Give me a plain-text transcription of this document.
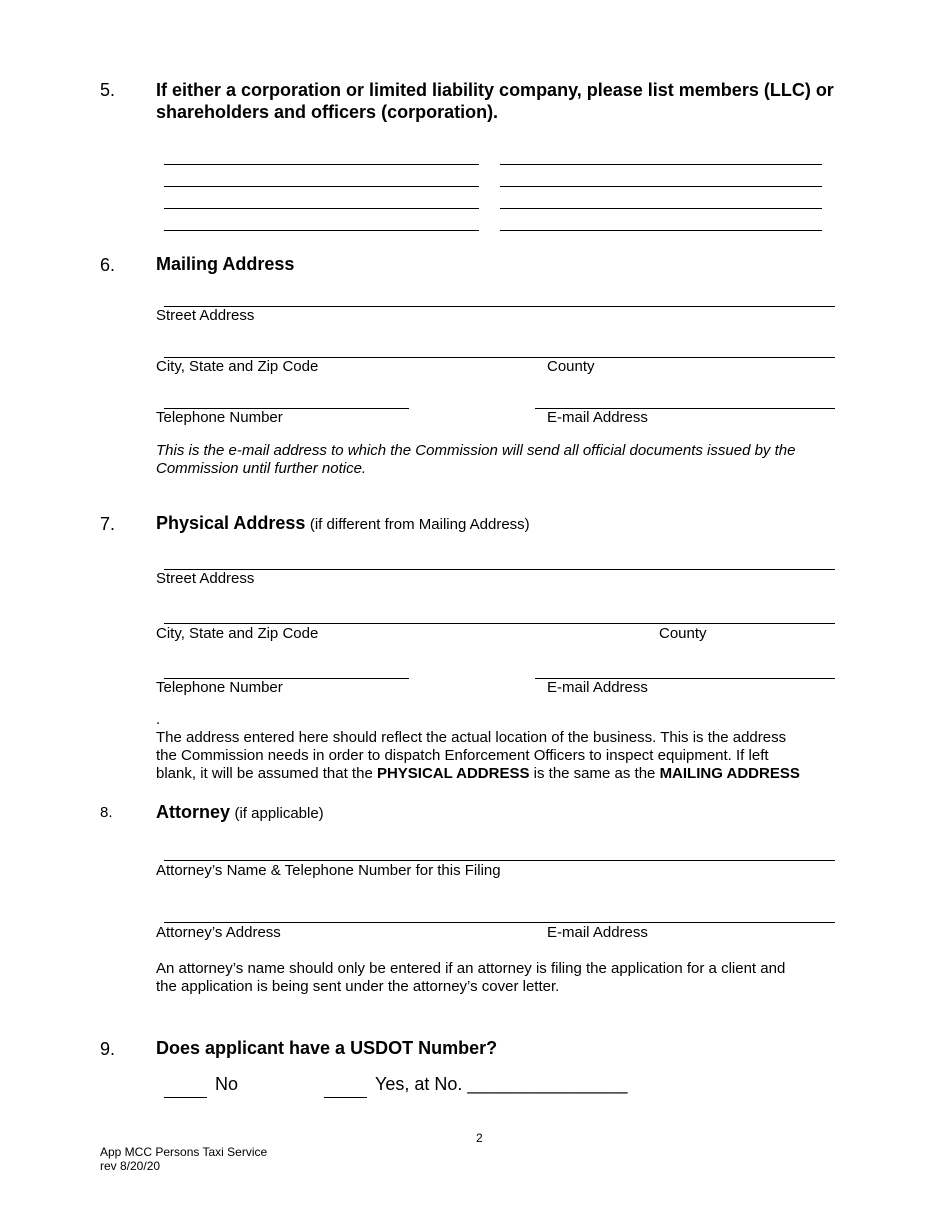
5. If either a corporation or limited liability company, please list members (LLC) or
shareholders and officers (corporation).
6. Mailing Address
Street Address
City, State and Zip Code	County
Telephone Number	E-mail Address
This is the e-mail address to which the Commission will send all official documents issued by the
Commission until further notice.
7. Physical Address (if different from Mailing Address)
Street Address
City, State and Zip Code	County
Telephone Number	E-mail Address
.
The address entered here should reflect the actual location of the business. This is the address
the Commission needs in order to dispatch Enforcement Officers to inspect equipment. If left
blank, it will be assumed that the PHYSICAL ADDRESS is the same as the MAILING ADDRESS
8. Attorney (if applicable)
Attorney’s Name & Telephone Number for this Filing
Attorney’s Address	E-mail Address
An attorney’s name should only be entered if an attorney is filing the application for a client and
the application is being sent under the attorney’s cover letter.
9. Does applicant have a USDOT Number?
No	Yes, at No. ________________
2
App MCC Persons Taxi Service
rev 8/20/20
